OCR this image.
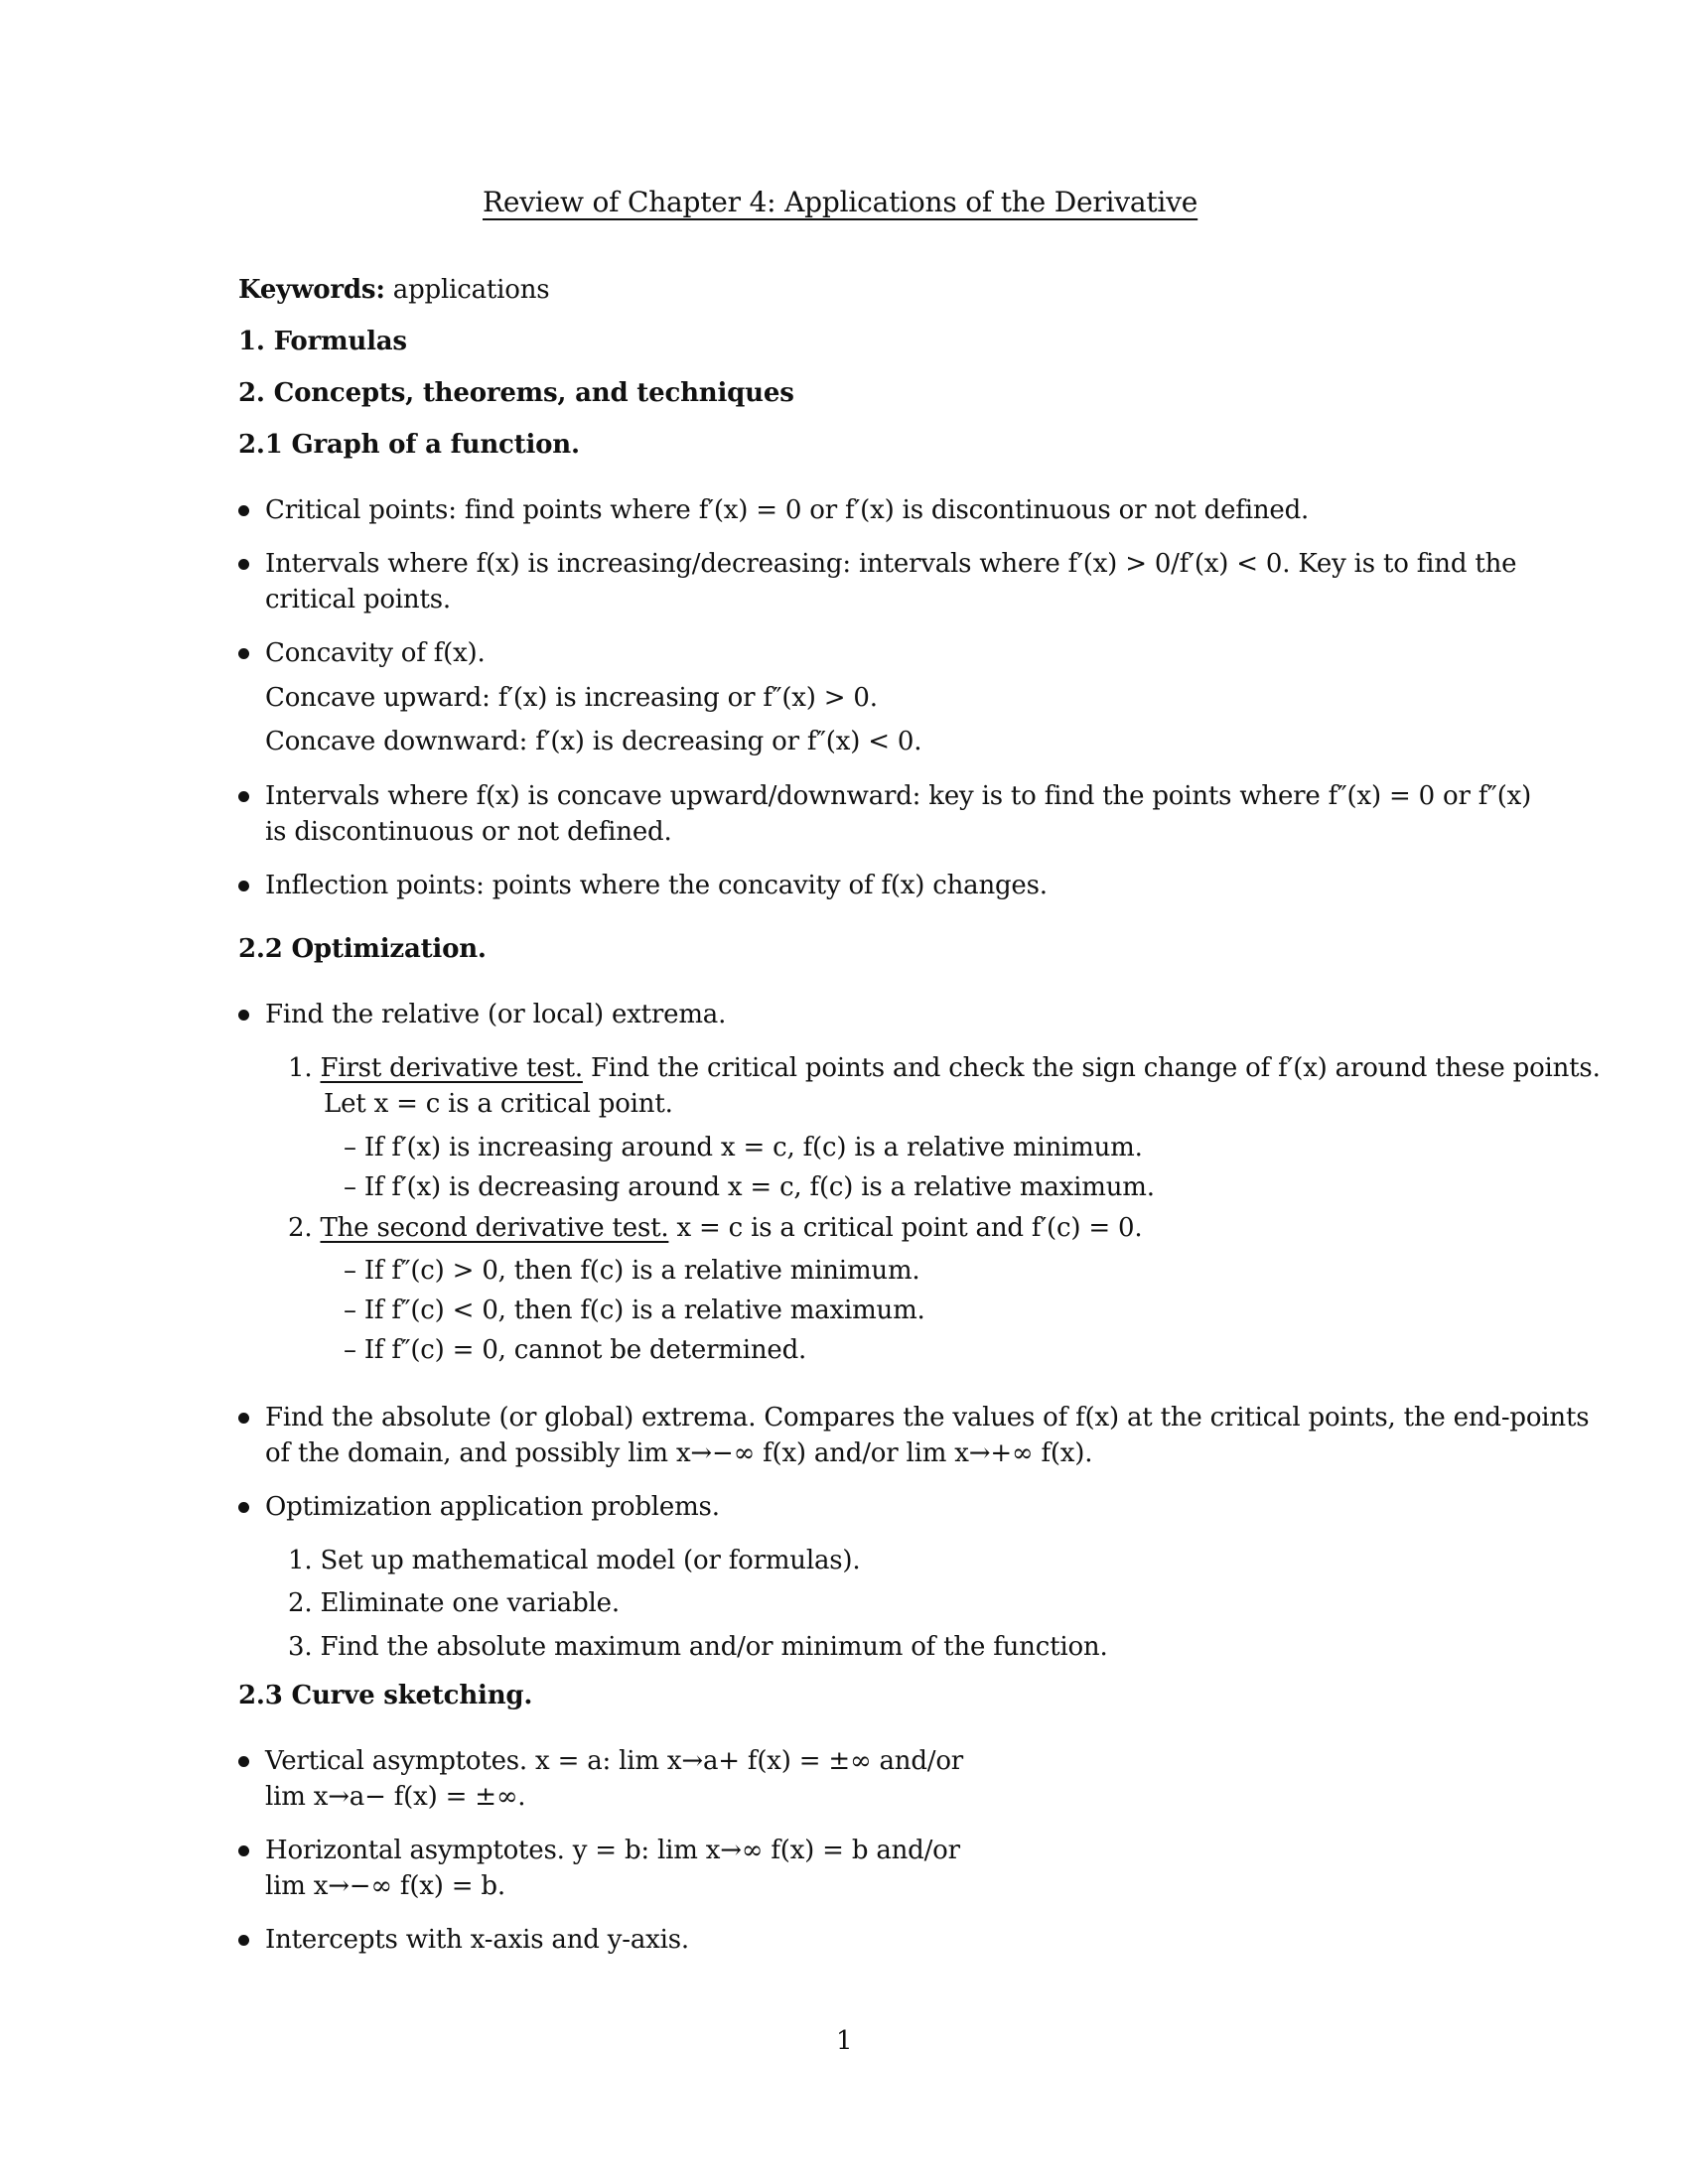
Review of Chapter 4: Applications of the Derivative
Keywords: applications
1. Formulas
2. Concepts, theorems, and techniques
2.1 Graph of a function.
Critical points: find points where f′(x) = 0 or f′(x) is discontinuous or not defined.
Intervals where f(x) is increasing/decreasing: intervals where f′(x) > 0/f′(x) < 0. Key is to find the
critical points.
Concavity of f(x).
Concave upward: f′(x) is increasing or f″(x) > 0.
Concave downward: f′(x) is decreasing or f″(x) < 0.
Intervals where f(x) is concave upward/downward: key is to find the points where f″(x) = 0 or f″(x)
is discontinuous or not defined.
Inflection points: points where the concavity of f(x) changes.
2.2 Optimization.
Find the relative (or local) extrema.
1. First derivative test. Find the critical points and check the sign change of f′(x) around these points.
Let x = c is a critical point.
– If f′(x) is increasing around x = c, f(c) is a relative minimum.
– If f′(x) is decreasing around x = c, f(c) is a relative maximum.
2. The second derivative test. x = c is a critical point and f′(c) = 0.
– If f″(c) > 0, then f(c) is a relative minimum.
– If f″(c) < 0, then f(c) is a relative maximum.
– If f″(c) = 0, cannot be determined.
Find the absolute (or global) extrema. Compares the values of f(x) at the critical points, the end-points
of the domain, and possibly lim x→−∞ f(x) and/or lim x→+∞ f(x).
Optimization application problems.
1. Set up mathematical model (or formulas).
2. Eliminate one variable.
3. Find the absolute maximum and/or minimum of the function.
2.3 Curve sketching.
Vertical asymptotes. x = a: lim x→a+ f(x) = ±∞ and/or
lim x→a− f(x) = ±∞.
Horizontal asymptotes. y = b: lim x→∞ f(x) = b and/or
lim x→−∞ f(x) = b.
Intercepts with x-axis and y-axis.
1
